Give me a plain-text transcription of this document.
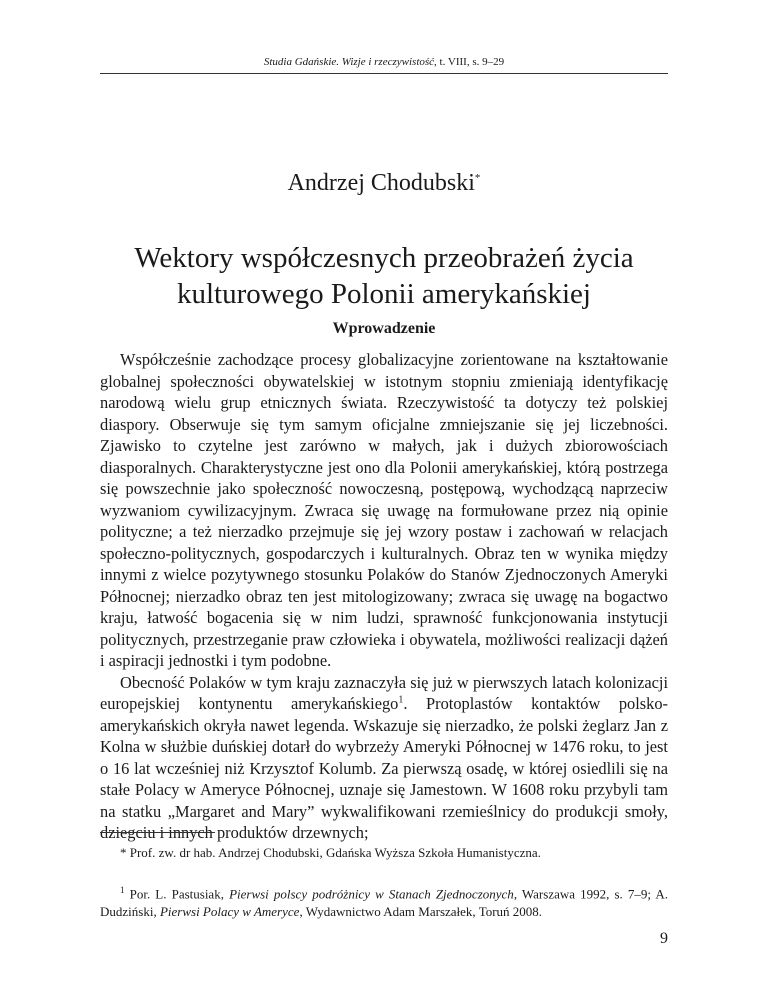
Studia Gdańskie. Wizje i rzeczywistość, t. VIII, s. 9–29
Andrzej Chodubski*
Wektory współczesnych przeobrażeń życia
kulturowego Polonii amerykańskiej
Wprowadzenie

Współcześnie zachodzące procesy globalizacyjne zorientowane na kształtowanie globalnej społeczności obywatelskiej w istotnym stopniu zmieniają identyfikację narodową wielu grup etnicznych świata. Rzeczywistość ta dotyczy też polskiej diaspory. Obserwuje się tym samym oficjalne zmniejszanie się jej liczebności. Zjawisko to czytelne jest zarówno w małych, jak i dużych zbiorowościach diasporalnych. Charakterystyczne jest ono dla Polonii amerykańskiej, którą postrzega się powszechnie jako społeczność nowoczesną, postępową, wychodzącą naprzeciw wyzwaniom cywilizacyjnym. Zwraca się uwagę na formułowane przez nią opinie polityczne; a też nierzadko przejmuje się jej wzory postaw i zachowań w relacjach społeczno-politycznych, gospodarczych i kulturalnych. Obraz ten w wynika między innymi z wielce pozytywnego stosunku Polaków do Stanów Zjednoczonych Ameryki Północnej; nierzadko obraz ten jest mitologizowany; zwraca się uwagę na bogactwo kraju, łatwość bogacenia się w nim ludzi, sprawność funkcjonowania instytucji politycznych, przestrzeganie praw człowieka i obywatela, możliwości realizacji dążeń i aspiracji jednostki i tym podobne.

Obecność Polaków w tym kraju zaznaczyła się już w pierwszych latach kolonizacji europejskiej kontynentu amerykańskiego$^1$. Protoplastów kontaktów polsko-amerykańskich okryła nawet legenda. Wskazuje się nierzadko, że polski żeglarz Jan z Kolna w służbie duńskiej dotarł do wybrzeży Ameryki Północnej w 1476 roku, to jest o 16 lat wcześniej niż Krzysztof Kolumb. Za pierwszą osadę, w której osiedlili się na stałe Polacy w Ameryce Północnej, uznaje się Jamestown. W 1608 roku przybyli tam na statku „Margaret and Mary” wykwalifikowani rzemieślnicy do produkcji smoły, dziegciu i innych produktów drzewnych;

* Prof. zw. dr hab. Andrzej Chodubski, Gdańska Wyższa Szkoła Humanistyczna.
$^1$ Por. L. Pastusiak, Pierwsi polscy podróżnicy w Stanach Zjednoczonych, Warszawa 1992, s. 7–9; A. Dudziński, Pierwsi Polacy w Ameryce, Wydawnictwo Adam Marszałek, Toruń 2008.
9
